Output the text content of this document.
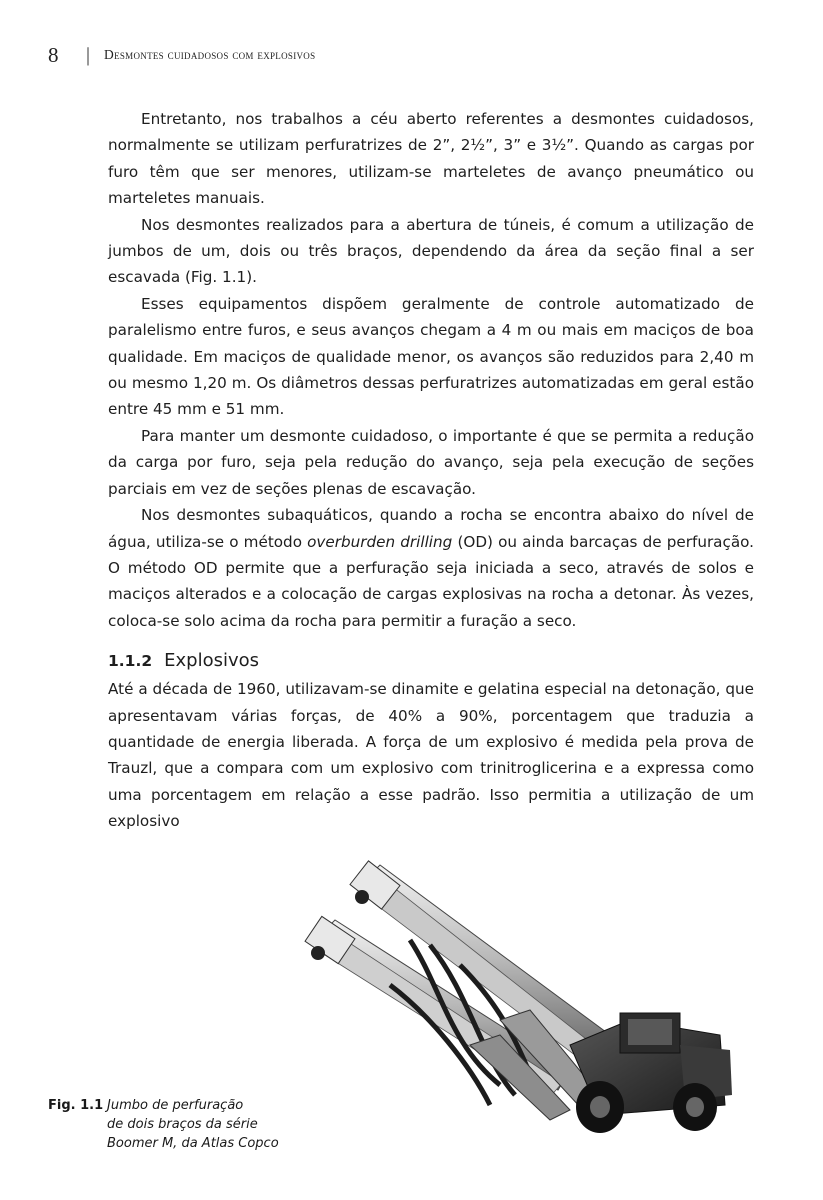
8	| Desmontes cuidadosos com explosivos

Entretanto, nos trabalhos a céu aberto referentes a desmontes cuidadosos, normalmente se utilizam perfuratrizes de 2”, 2½”, 3” e 3½”. Quando as cargas por furo têm que ser menores, utilizam-se marteletes de avanço pneumático ou marteletes manuais.

Nos desmontes realizados para a abertura de túneis, é comum a utilização de jumbos de um, dois ou três braços, dependendo da área da seção final a ser escavada (Fig. 1.1).

Esses equipamentos dispõem geralmente de controle automatizado de paralelismo entre furos, e seus avanços chegam a 4 m ou mais em maciços de boa qualidade. Em maciços de qualidade menor, os avanços são reduzidos para 2,40 m ou mesmo 1,20 m. Os diâmetros dessas perfuratrizes automatizadas em geral estão entre 45 mm e 51 mm.

Para manter um desmonte cuidadoso, o importante é que se permita a redução da carga por furo, seja pela redução do avanço, seja pela execução de seções parciais em vez de seções plenas de escavação.

Nos desmontes subaquáticos, quando a rocha se encontra abaixo do nível de água, utiliza-se o método overburden drilling (OD) ou ainda barcaças de perfuração. O método OD permite que a perfuração seja iniciada a seco, através de solos e maciços alterados e a colocação de cargas explosivas na rocha a detonar. Às vezes, coloca-se solo acima da rocha para permitir a furação a seco.

1.1.2 Explosivos

Até a década de 1960, utilizavam-se dinamite e gelatina especial na detonação, que apresentavam várias forças, de 40% a 90%, porcentagem que traduzia a quantidade de energia liberada. A força de um explosivo é medida pela prova de Trauzl, que a compara com um explosivo com trinitroglicerina e a expressa como uma porcentagem em relação a esse padrão. Isso permitia a utilização de um explosivo

Fig. 1.1 Jumbo de perfuração
de dois braços da série
Boomer M, da Atlas Copco
